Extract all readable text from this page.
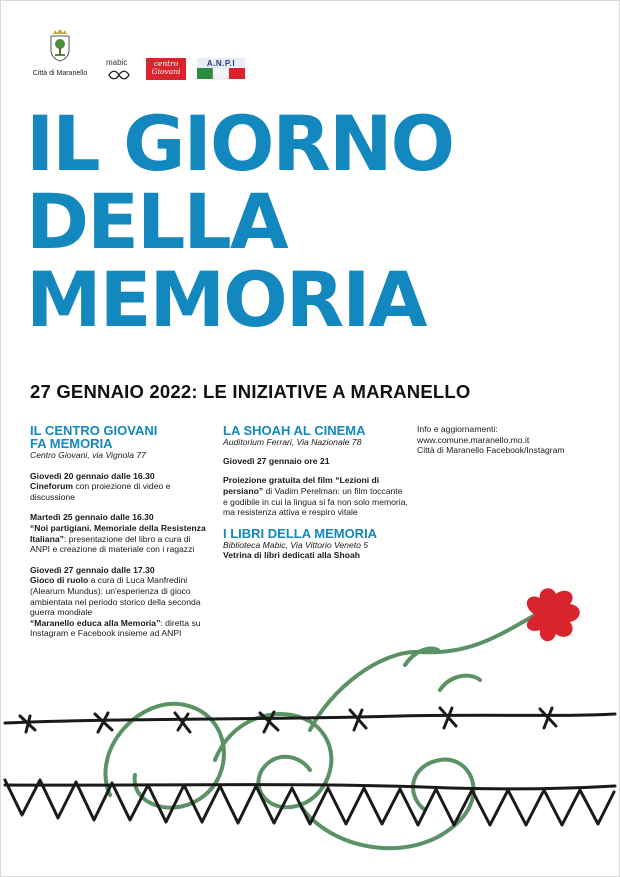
Città di Maranello
mabic	centro
Giovani
A.N.P.I
IL GIORNO
DELLA
MEMORIA
27 GENNAIO 2022: LE INIZIATIVE A MARANELLO

IL CENTRO GIOVANI

FA MEMORIA

Centro Giovani, via Vignola 77

Giovedì 20 gennaio dalle 16.30

Cineforum con proiezione di video e discussione

Martedì 25 gennaio dalle 16.30

“Noi partigiani. Memoriale della Resistenza Italiana”: presentazione del libro a cura di ANPI e creazione di materiale con i ragazzi

Giovedì 27 gennaio dalle 17.30

Gioco di ruolo a cura di Luca Manfredini (Alearum Mundus): un'esperienza di gioco ambientata nel periodo storico della seconda guerra mondiale

“Maranello educa alla Memoria”: diretta su Instagram e Facebook insieme ad ANPI

LA SHOAH AL CINEMA

Auditorium Ferrari, Via Nazionale 78

Giovedì 27 gennaio ore 21

Proiezione gratuita del film “Lezioni di persiano” di Vadim Perelman: un film toccante e godibile in cui la lingua si fa non solo memoria, ma resistenza attiva e respiro vitale

I LIBRI DELLA MEMORIA

Biblioteca Mabic, Via Vittorio Veneto 5

Vetrina di libri dedicati alla Shoah

Info e aggiornamenti:

www.comune.maranello.mo.it

Città di Maranello Facebook/Instagram
